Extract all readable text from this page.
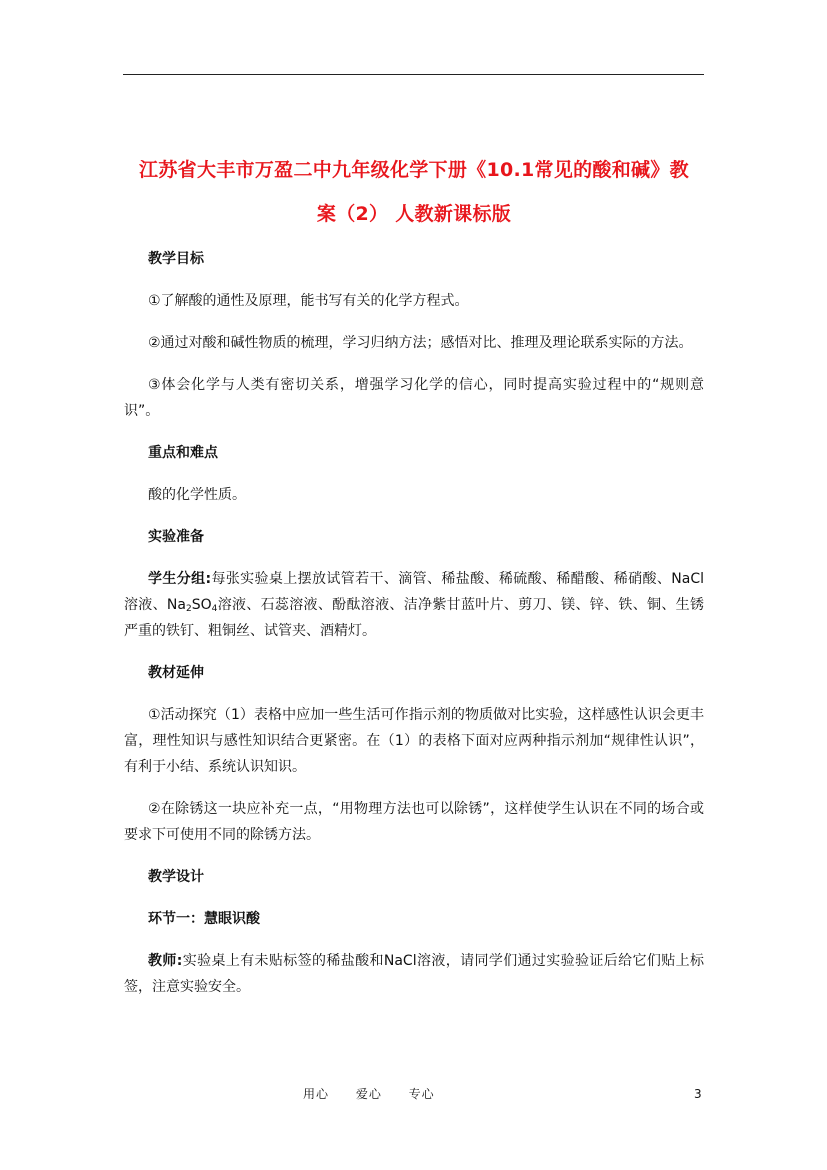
江苏省大丰市万盈二中九年级化学下册《10.1常见的酸和碱》教
案（2） 人教新课标版
教学目标

①了解酸的通性及原理，能书写有关的化学方程式。

②通过对酸和碱性物质的梳理，学习归纳方法；感悟对比、推理及理论联系实际的方法。

③体会化学与人类有密切关系，增强学习化学的信心，同时提高实验过程中的“规则意识”。

重点和难点

酸的化学性质。

实验准备

学生分组:每张实验桌上摆放试管若干、滴管、稀盐酸、稀硫酸、稀醋酸、稀硝酸、NaCl溶液、$Na_2SO_4$溶液、石蕊溶液、酚酞溶液、洁净紫甘蓝叶片、剪刀、镁、锌、铁、铜、生锈严重的铁钉、粗铜丝、试管夹、酒精灯。

教材延伸

①活动探究（1）表格中应加一些生活可作指示剂的物质做对比实验，这样感性认识会更丰富，理性知识与感性知识结合更紧密。在（1）的表格下面对应两种指示剂加“规律性认识”，有利于小结、系统认识知识。

②在除锈这一块应补充一点，“用物理方法也可以除锈”，这样使学生认识在不同的场合或要求下可使用不同的除锈方法。

教学设计
环节一：慧眼识酸

教师:实验桌上有未贴标签的稀盐酸和NaCl溶液，请同学们通过实验验证后给它们贴上标签，注意实验安全。

用心 爱心 专心	3
